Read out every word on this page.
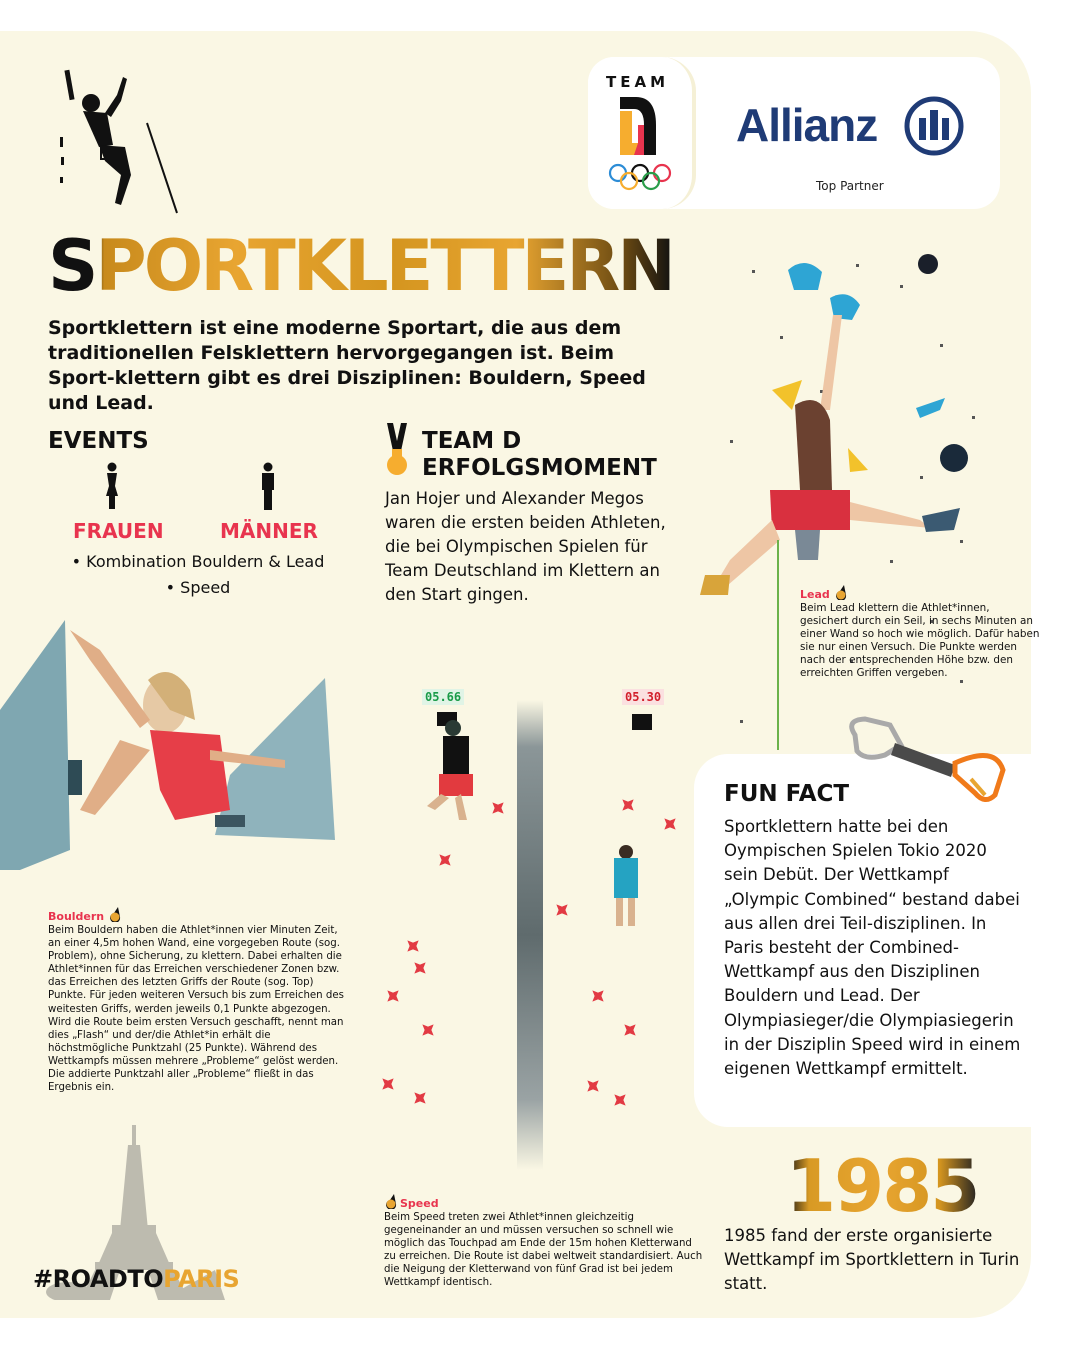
TEAM
Allianz
Top Partner
SPORTKLETTERN
Sportklettern ist eine moderne Sportart, die aus dem traditionellen Felsklettern hervorgegangen ist. Beim Sport-klettern gibt es drei Disziplinen: Bouldern, Speed und Lead.
EVENTS
FRAUEN	MÄNNER
• Kombination Bouldern & Lead
• Speed
TEAM D
ERFOLGSMOMENT
Jan Hojer und Alexander Megos waren die ersten beiden Athleten, die bei Olympischen Spielen für Team Deutschland im Klettern an den Start gingen.
Bouldern
Beim Bouldern haben die Athlet*innen vier Minuten Zeit, an einer 4,5m hohen Wand, eine vorgegeben Route (sog. Problem), ohne Sicherung, zu klettern. Dabei erhalten die Athlet*innen für das Erreichen verschiedener Zonen bzw. das Erreichen des letzten Griffs der Route (sog. Top) Punkte. Für jeden weiteren Versuch bis zum Erreichen des weitesten Griffs, werden jeweils 0,1 Punkte abgezogen. Wird die Route beim ersten Versuch geschafft, nennt man dies „Flash“ und der/die Athlet*in erhält die höchstmögliche Punktzahl (25 Punkte). Während des Wettkampfs müssen mehrere „Probleme“ gelöst werden. Die addierte Punktzahl aller „Probleme“ fließt in das Ergebnis ein.
#ROADTOPARIS
05.66	05.30
Speed
Beim Speed treten zwei Athlet*innen gleichzeitig gegeneinander an und müssen versuchen so schnell wie möglich das Touchpad am Ende der 15m hohen Kletterwand zu erreichen. Die Route ist dabei weltweit standardisiert. Auch die Neigung der Kletterwand von fünf Grad ist bei jedem Wettkampf identisch.
Lead
Beim Lead klettern die Athlet*innen, gesichert durch ein Seil, in sechs Minuten an einer Wand so hoch wie möglich. Dafür haben sie nur einen Versuch. Die Punkte werden nach der entsprechenden Höhe bzw. den erreichten Griffen vergeben.
FUN FACT
Sportklettern hatte bei den Oympischen Spielen Tokio 2020 sein Debüt. Der Wettkampf „Olympic Combined“ bestand dabei aus allen drei Teil-disziplinen. In Paris besteht der Combined-Wettkampf aus den Disziplinen Bouldern und Lead. Der Olympiasieger/die Olympiasiegerin in der Disziplin Speed wird in einem eigenen Wettkampf ermittelt.
1985
1985 fand der erste organisierte Wettkampf im Sportklettern in Turin statt.
